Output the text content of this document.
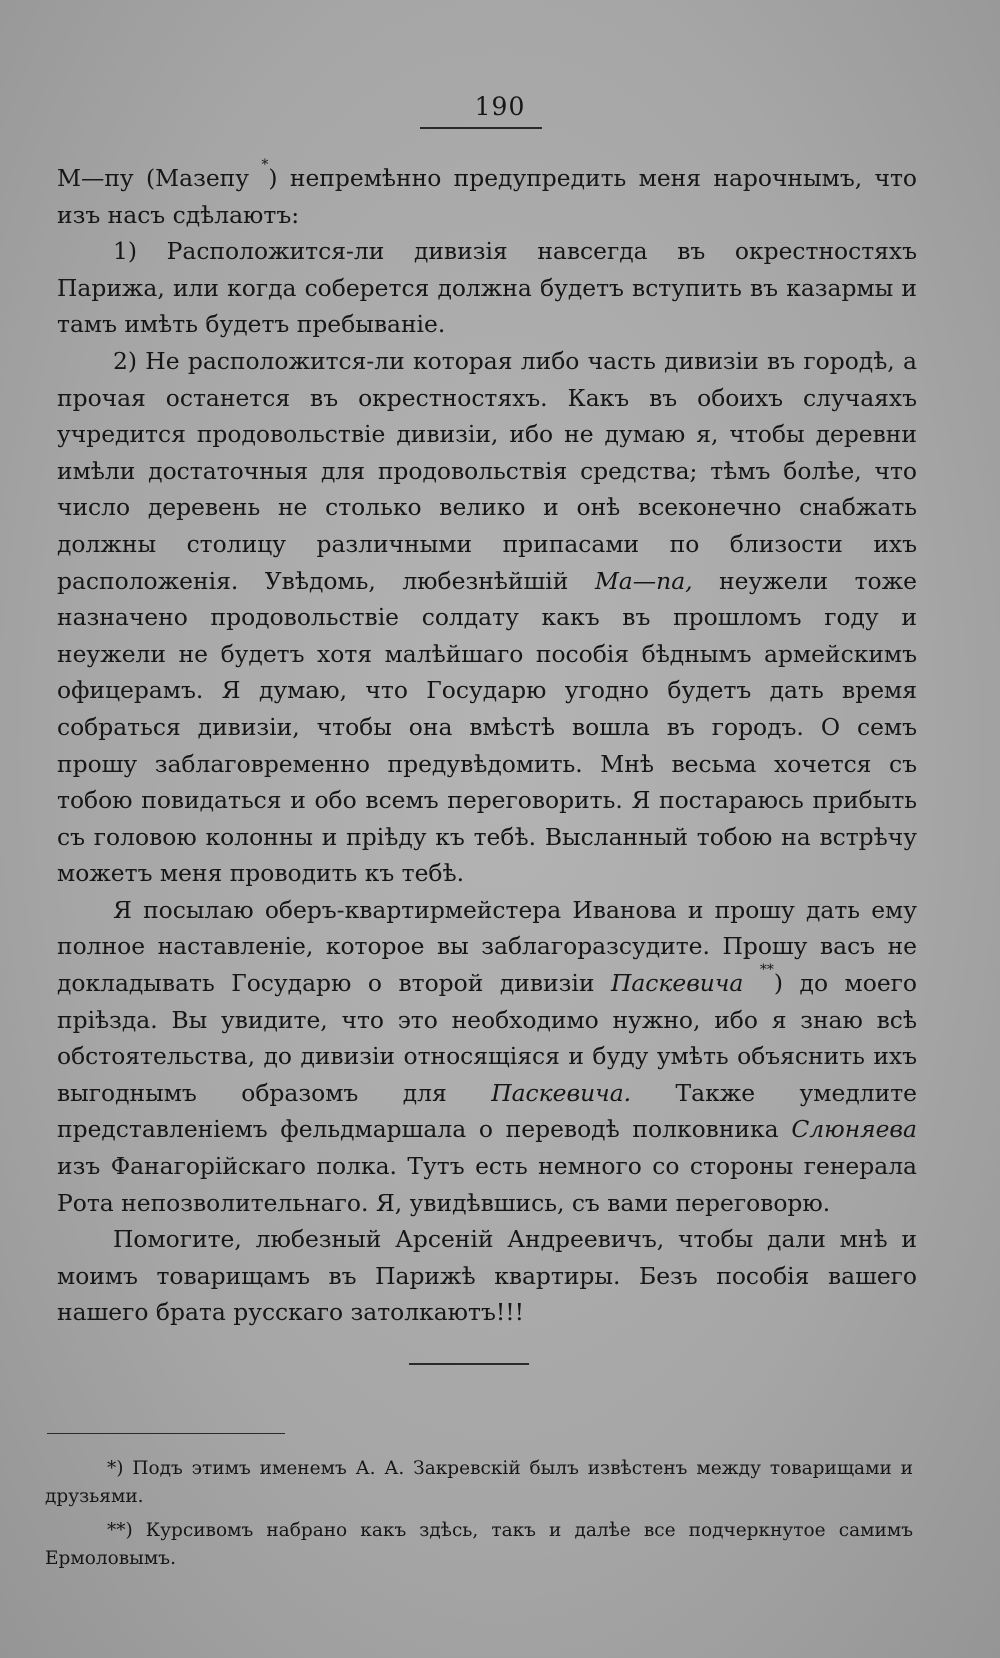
190

М—пу (Мазепу *) непремѣнно предупредить меня нарочнымъ, что изъ насъ сдѣлаютъ:

1) Расположится-ли дивизія навсегда въ окрестностяхъ Парижа, или когда соберется должна будетъ вступить въ казармы и тамъ имѣть будетъ пребываніе.

2) Не расположится-ли которая либо часть дивизіи въ городѣ, а прочая останется въ окрестностяхъ. Какъ въ обоихъ случаяхъ учредится продовольствіе дивизіи, ибо не думаю я, чтобы деревни имѣли достаточныя для продовольствія средства; тѣмъ болѣе, что число деревень не столько велико и онѣ всеконечно снабжать должны столицу различными припасами по близости ихъ расположенія. Увѣдомь, любезнѣйшій Ма—па, неужели тоже назначено продовольствіе солдату какъ въ прошломъ году и неужели не будетъ хотя малѣйшаго пособія бѣднымъ армейскимъ офицерамъ. Я думаю, что Государю угодно будетъ дать время собраться дивизіи, чтобы она вмѣстѣ вошла въ городъ. О семъ прошу заблаговременно предувѣдомить. Мнѣ весьма хочется съ тобою повидаться и обо всемъ переговорить. Я постараюсь прибыть съ головою колонны и пріѣду къ тебѣ. Высланный тобою на встрѣчу можетъ меня проводить къ тебѣ.

Я посылаю оберъ-квартирмейстера Иванова и прошу дать ему полное наставленіе, которое вы заблагоразсудите. Прошу васъ не докладывать Государю о второй дивизіи Паскевича **) до моего пріѣзда. Вы увидите, что это необходимо нужно, ибо я знаю всѣ обстоятельства, до дивизіи относящіяся и буду умѣть объяснить ихъ выгоднымъ образомъ для Паскевича. Также умедлите представленіемъ фельдмаршала о переводѣ полковника Слюняева изъ Фанагорійскаго полка. Тутъ есть немного со стороны генерала Рота непозволительнаго. Я, увидѣвшись, съ вами переговорю.

Помогите, любезный Арсеній Андреевичъ, чтобы дали мнѣ и моимъ товарищамъ въ Парижѣ квартиры. Безъ пособія вашего нашего брата русскаго затолкаютъ!!!

*) Подъ этимъ именемъ А. А. Закревскій былъ извѣстенъ между товарищами и друзьями.

**) Курсивомъ набрано какъ здѣсь, такъ и далѣе все подчеркнутое самимъ Ермоловымъ.
